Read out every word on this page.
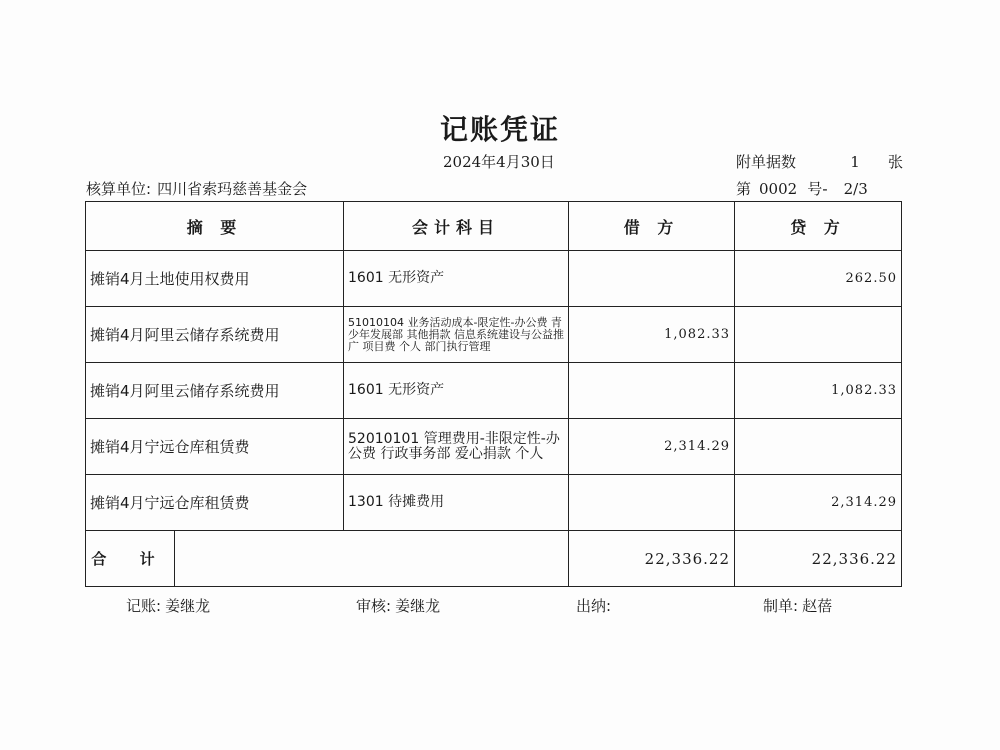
记账凭证
2024年4月30日	附单据数	1 张
核算单位: 四川省索玛慈善基金会	第 0002 号- 2/3
摘 要		会计科目	借 方	贷 方
摊销4月土地使用权费用		1601 无形资产		262.50
摊销4月阿里云储存系统费用		51010104 业务活动成本-限定性-办公费 青少年发展部 其他捐款 信息系统建设与公益推广 项目费 个人 部门执行管理	1,082.33	
摊销4月阿里云储存系统费用		1601 无形资产		1,082.33
摊销4月宁远仓库租赁费		52010101 管理费用-非限定性-办公费 行政事务部 爱心捐款 个人	2,314.29	
摊销4月宁远仓库租赁费		1301 待摊费用		2,314.29
合 计			22,336.22	22,336.22
记账: 姜继龙	审核: 姜继龙	出纳:	制单: 赵蓓
